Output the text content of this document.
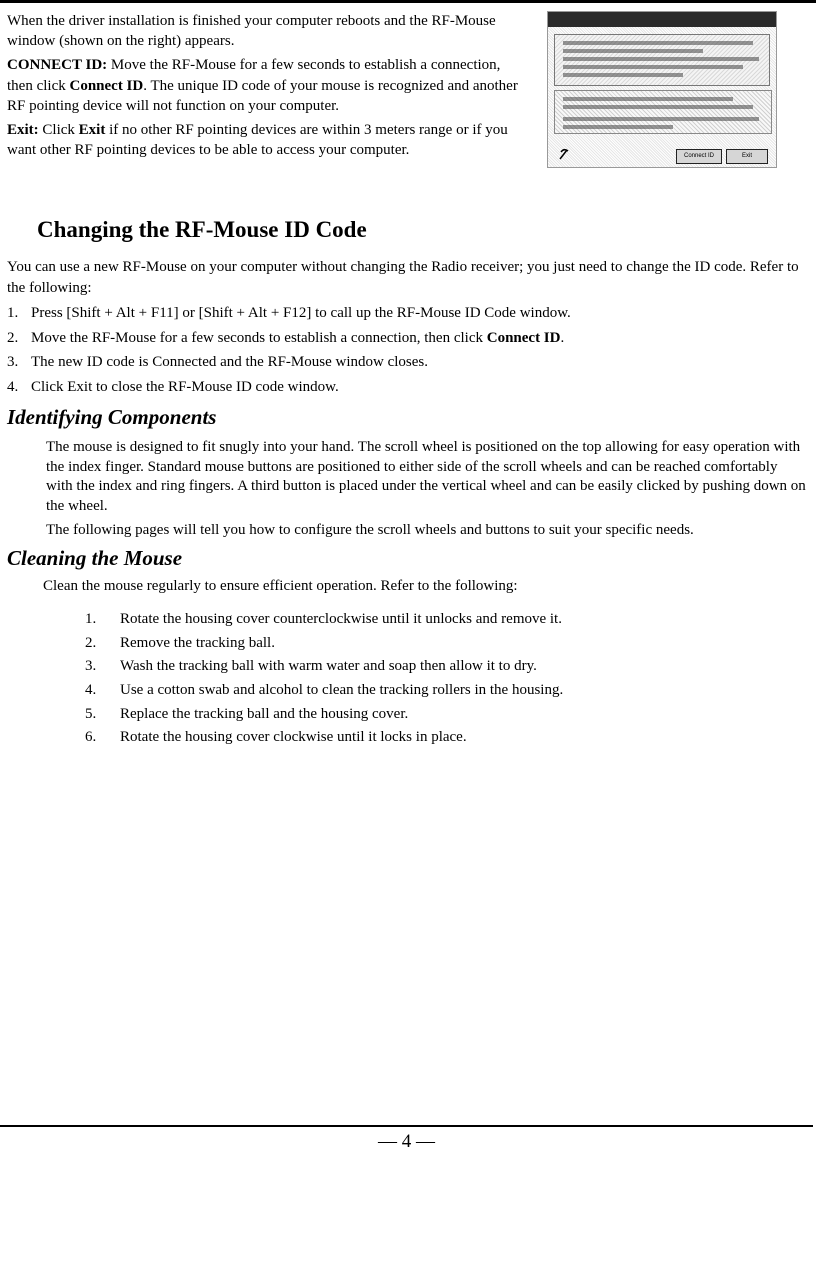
When the driver installation is finished your computer reboots and the RF-Mouse window (shown on the right) appears.

CONNECT ID: Move the RF-Mouse for a few seconds to establish a connection, then click Connect ID. The unique ID code of your mouse is recognized and another RF pointing device will not function on your computer.

Exit: Click Exit if no other RF pointing devices are within 3 meters range or if you want other RF pointing devices to be able to access your computer.	Connect ID	Exit
Changing the RF-Mouse ID Code

You can use a new RF-Mouse on your computer without changing the Radio receiver; you just need to change the ID code. Refer to the following:

1. Press [Shift + Alt + F11] or [Shift + Alt + F12] to call up the RF-Mouse ID Code window.
2. Move the RF-Mouse for a few seconds to establish a connection, then click Connect ID.
3. The new ID code is Connected and the RF-Mouse window closes.
4. Click Exit to close the RF-Mouse ID code window.
Identifying Components

The mouse is designed to fit snugly into your hand. The scroll wheel is positioned on the top allowing for easy operation with the index finger. Standard mouse buttons are positioned to either side of the scroll wheels and can be reached comfortably with the index and ring fingers. A third button is placed under the vertical wheel and can be easily clicked by pushing down on the wheel.

The following pages will tell you how to configure the scroll wheels and buttons to suit your specific needs.

Cleaning the Mouse

Clean the mouse regularly to ensure efficient operation. Refer to the following:

1. Rotate the housing cover counterclockwise until it unlocks and remove it.
2. Remove the tracking ball.
3. Wash the tracking ball with warm water and soap then allow it to dry.
4. Use a cotton swab and alcohol to clean the tracking rollers in the housing.
5. Replace the tracking ball and the housing cover.
6. Rotate the housing cover clockwise until it locks in place.
— 4 —
